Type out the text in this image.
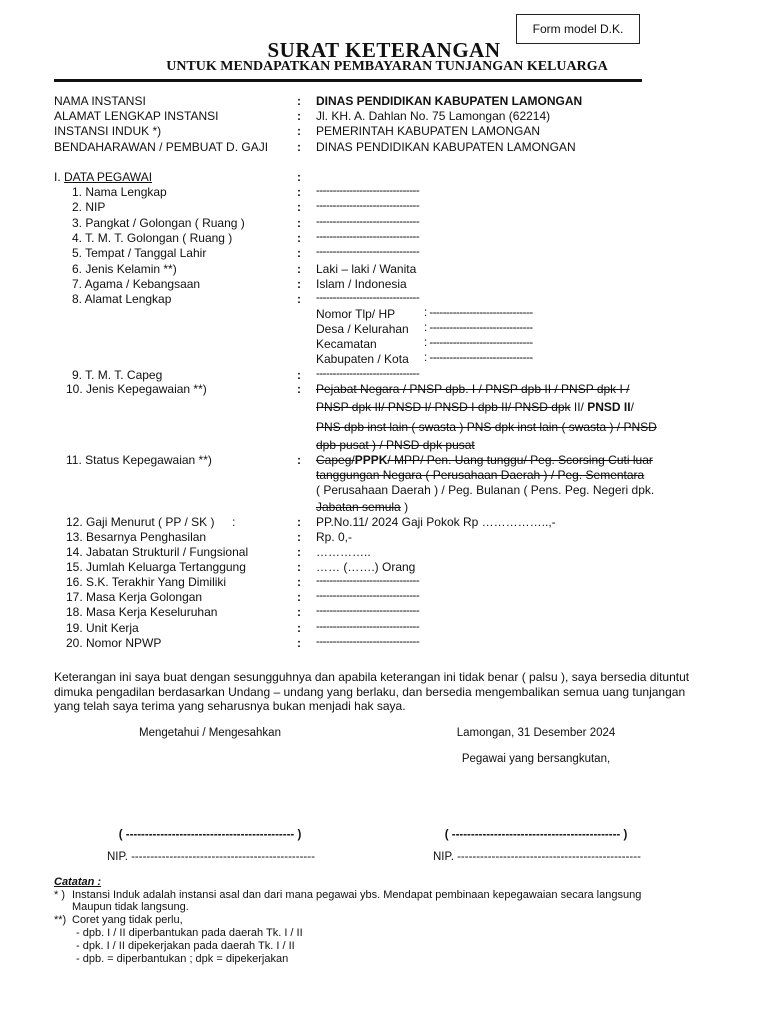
Form model D.K.
SURAT KETERANGAN
UNTUK MENDAPATKAN PEMBAYARAN TUNJANGAN KELUARGA
NAMA INSTANSI	: DINAS PENDIDIKAN KABUPATEN LAMONGAN
ALAMAT LENGKAP INSTANSI	: Jl. KH. A. Dahlan No. 75 Lamongan (62214)
INSTANSI INDUK *)	: PEMERINTAH KABUPATEN LAMONGAN
BENDAHARAWAN / PEMBUAT D. GAJI : DINAS PENDIDIKAN KABUPATEN LAMONGAN
I. DATA PEGAWAI	:
1. Nama Lengkap	: -------------------------------
2. NIP	: -------------------------------
3. Pangkat / Golongan ( Ruang )	: -------------------------------
4. T. M. T. Golongan ( Ruang )	: -------------------------------
5. Tempat / Tanggal Lahir	: -------------------------------
6. Jenis Kelamin **)	: Laki – laki / Wanita
7. Agama / Kebangsaan	: Islam / Indonesia
8. Alamat Lengkap	: -------------------------------
Nomor Tlp/ HP	: -------------------------------
Desa / Kelurahan : -------------------------------
Kecamatan	: -------------------------------
Kabupaten / Kota : -------------------------------
9. T. M. T. Capeg	: -------------------------------
10. Jenis Kepegawaian **)	: Pejabat Negara / PNSP dpb. I / PNSP dpb II / PNSP dpk I /
PNSP dpk II/ PNSD I/ PNSD I dpb II/ PNSD dpk II/ PNSD II/
PNS dpb inst lain ( swasta ) PNS dpk inst lain ( swasta ) / PNSD
dpb pusat ) / PNSD dpk pusat
11. Status Kepegawaian **)	: Capeg/PPPK/ MPP/ Pen. Uang tunggu/ Peg. Scorsing Cuti luar
tanggungan Negara ( Perusahaan Daerah ) / Peg. Sementara
( Perusahaan Daerah ) / Peg. Bulanan ( Pens. Peg. Negeri dpk.
Jabatan semula )
12. Gaji Menurut ( PP / SK ) :	: PP.No.11/ 2024 Gaji Pokok Rp ……………..,-
13. Besarnya Penghasilan	: Rp. 0,-
14. Jabatan Strukturil / Fungsional	: …………..
15. Jumlah Keluarga Tertanggung	: …… (…….) Orang
16. S.K. Terakhir Yang Dimiliki	: -------------------------------
17. Masa Kerja Golongan	: -------------------------------
18. Masa Kerja Keseluruhan	: -------------------------------
19. Unit Kerja	: -------------------------------
20. Nomor NPWP	: -------------------------------
Keterangan ini saya buat dengan sesungguhnya dan apabila keterangan ini tidak benar ( palsu ), saya bersedia dituntut dimuka pengadilan berdasarkan Undang – undang yang berlaku, dan bersedia mengembalikan semua uang tunjangan yang telah saya terima yang seharusnya bukan menjadi hak saya.
Mengetahui / Mengesahkan	Lamongan, 31 Desember 2024
Pegawai yang bersangkutan,
( -------------------------------------------- )	( -------------------------------------------- )
NIP. ------------------------------------------------	NIP. ------------------------------------------------
Catatan :
* ) Instansi Induk adalah instansi asal dan dari mana pegawai ybs. Mendapat pembinaan kepegawaian secara langsung
Maupun tidak langsung.
**) Coret yang tidak perlu,
- dpb. I / II diperbantukan pada daerah Tk. I / II
- dpk. I / II dipekerjakan pada daerah Tk. I / II
- dpb. = diperbantukan ; dpk = dipekerjakan
